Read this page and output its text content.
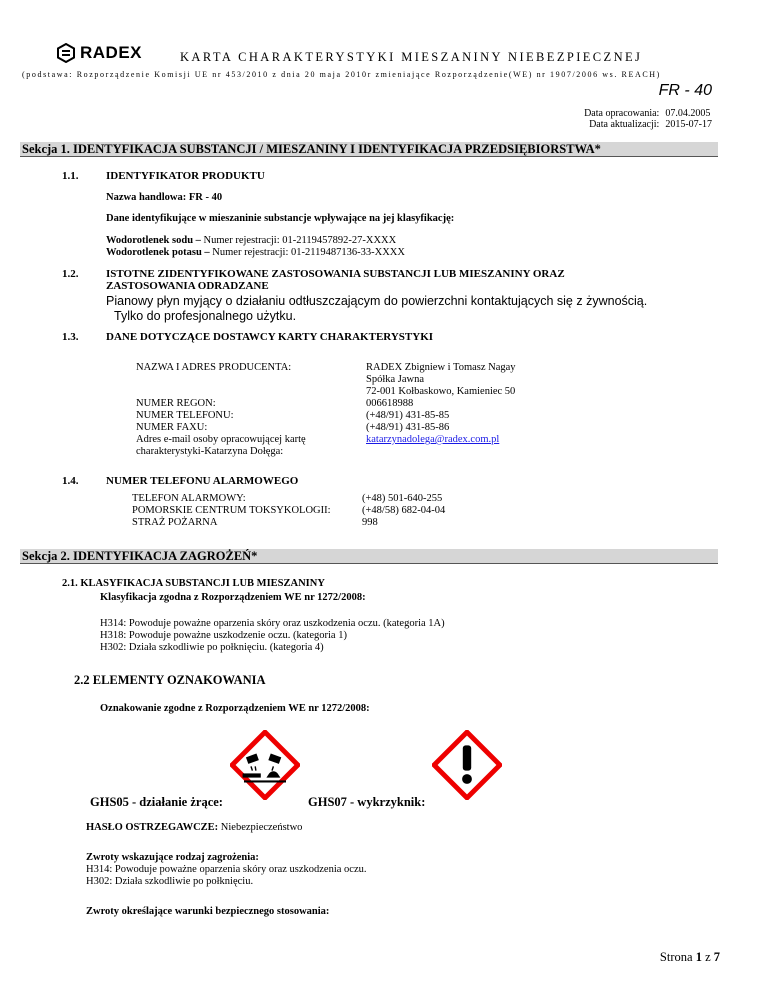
RADEX	KARTA CHARAKTERYSTYKI MIESZANINY NIEBEZPIECZNEJ
(podstawa: Rozporządzenie Komisji UE nr 453/2010 z dnia 20 maja 2010r zmieniające Rozporządzenie(WE) nr 1907/2006 ws. REACH)
FR - 40
Data opracowania:	07.04.2005
Data aktualizacji:	2015-07-17
Sekcja 1. IDENTYFIKACJA SUBSTANCJI / MIESZANINY I IDENTYFIKACJA PRZEDSIĘBIORSTWA*
1.1.	IDENTYFIKATOR PRODUKTU
Nazwa handlowa: FR - 40
Dane identyfikujące w mieszaninie substancje wpływające na jej klasyfikację:
Wodorotlenek sodu – Numer rejestracji: 01-2119457892-27-XXXX
Wodorotlenek potasu – Numer rejestracji: 01-2119487136-33-XXXX
1.2.	ISTOTNE ZIDENTYFIKOWANE ZASTOSOWANIA SUBSTANCJI LUB MIESZANINY ORAZ
ZASTOSOWANIA ODRADZANE
Pianowy płyn myjący o działaniu odtłuszczającym do powierzchni kontaktujących się z żywnością.
Tylko do profesjonalnego użytku.
1.3.	DANE DOTYCZĄCE DOSTAWCY KARTY CHARAKTERYSTYKI
NAZWA I ADRES PRODUCENTA:	RADEX Zbigniew i Tomasz Nagay
Spółka Jawna
72-001 Kołbaskowo, Kamieniec 50
NUMER REGON:	006618988
NUMER TELEFONU:	(+48/91) 431-85-85
NUMER FAXU:	(+48/91) 431-85-86
Adres e-mail osoby opracowującej kartę	katarzynadolega@radex.com.pl
charakterystyki-Katarzyna Dołęga:
1.4.	NUMER TELEFONU ALARMOWEGO
TELEFON ALARMOWY:	(+48) 501-640-255
POMORSKIE CENTRUM TOKSYKOLOGII:	(+48/58) 682-04-04
STRAŻ POŻARNA	998
Sekcja 2. IDENTYFIKACJA ZAGROŻEŃ*
2.1. KLASYFIKACJA SUBSTANCJI LUB MIESZANINY
Klasyfikacja zgodna z Rozporządzeniem WE nr 1272/2008:
H314: Powoduje poważne oparzenia skóry oraz uszkodzenia oczu. (kategoria 1A)
H318: Powoduje poważne uszkodzenie oczu. (kategoria 1)
H302: Działa szkodliwie po połknięciu. (kategoria 4)
2.2 ELEMENTY OZNAKOWANIA
Oznakowanie zgodne z Rozporządzeniem WE nr 1272/2008:
GHS05 - działanie żrące:	GHS07 - wykrzyknik:
HASŁO OSTRZEGAWCZE: Niebezpieczeństwo
Zwroty wskazujące rodzaj zagrożenia:
H314: Powoduje poważne oparzenia skóry oraz uszkodzenia oczu.
H302: Działa szkodliwie po połknięciu.
Zwroty określające warunki bezpiecznego stosowania:
Strona 1 z 7
